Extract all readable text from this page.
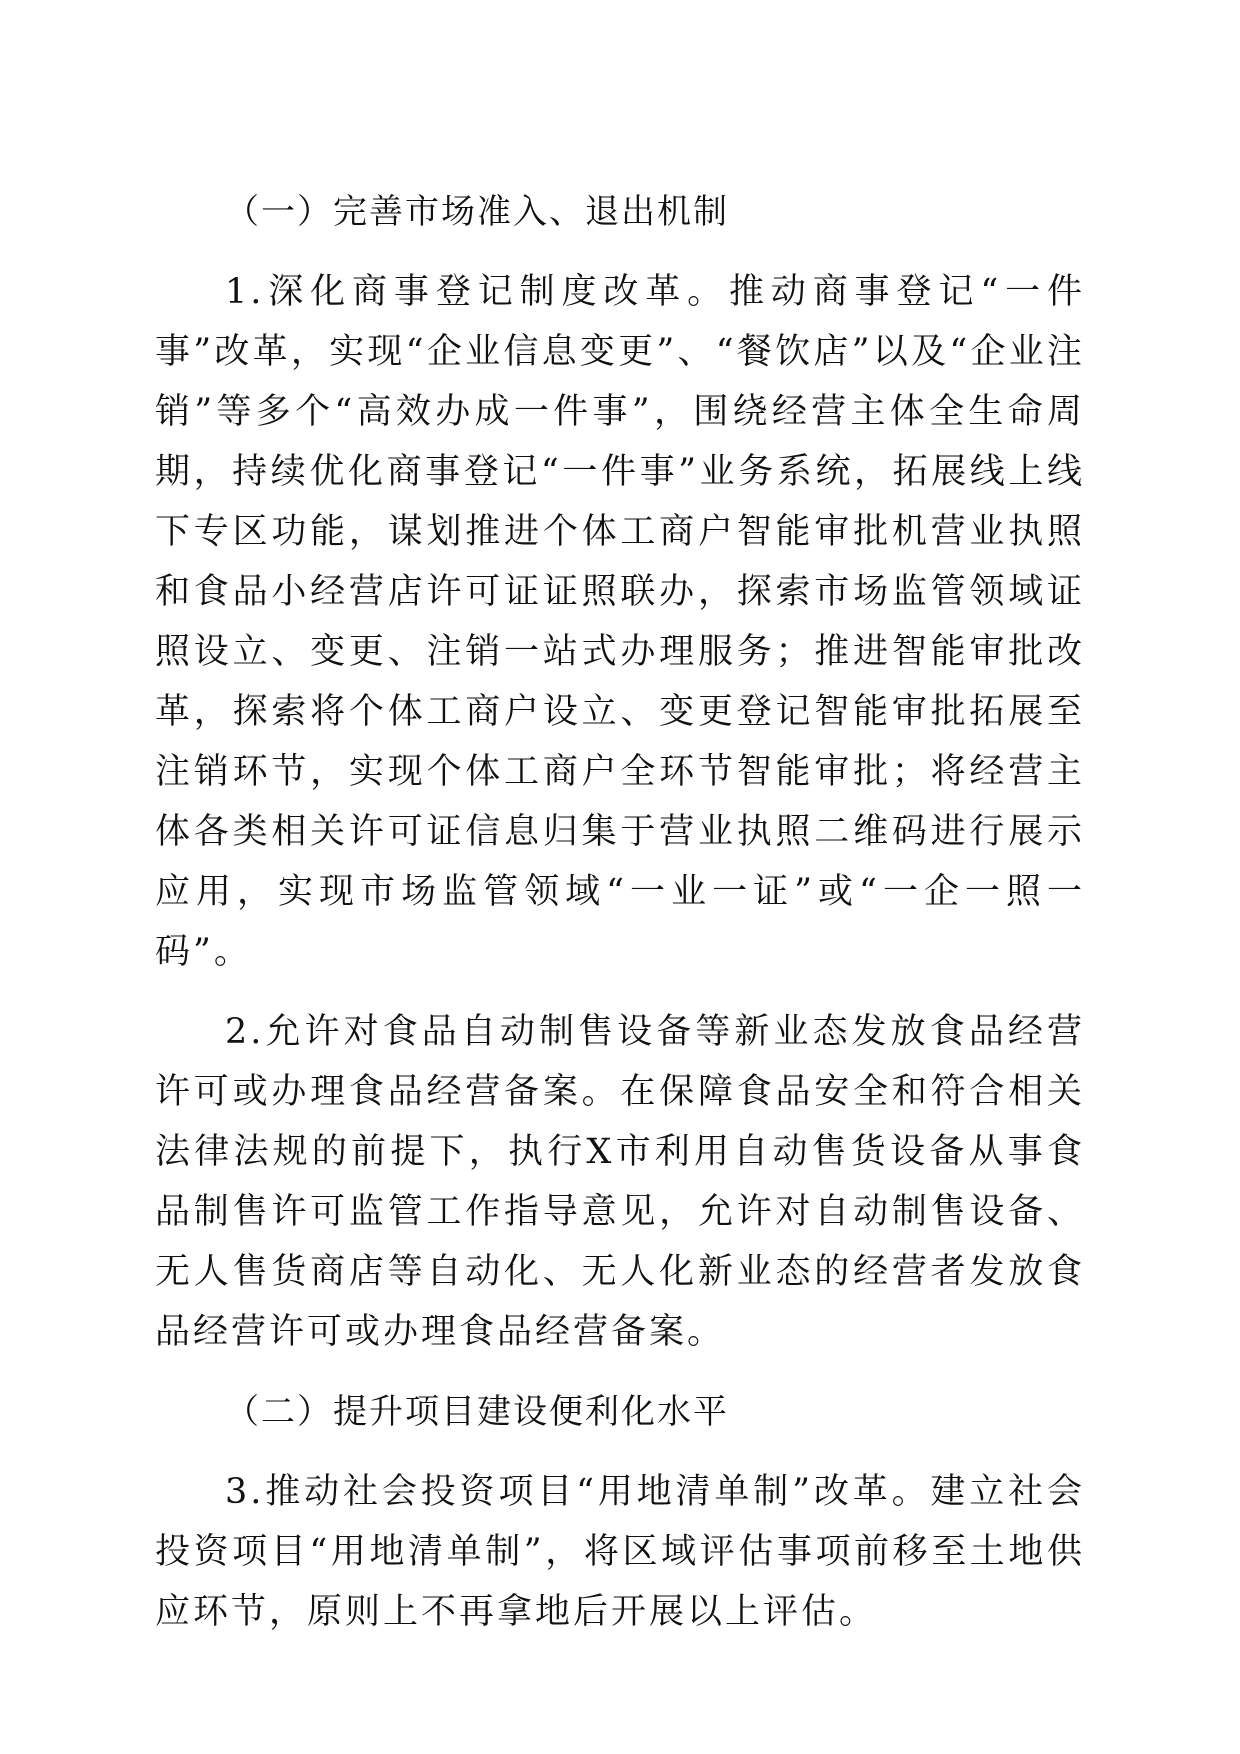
（一）完善市场准入、退出机制

1.深化商事登记制度改革。推动商事登记“一件事”改革，实现“企业信息变更”、“餐饮店”以及“企业注销”等多个“高效办成一件事”，围绕经营主体全生命周期，持续优化商事登记“一件事”业务系统，拓展线上线下专区功能，谋划推进个体工商户智能审批机营业执照和食品小经营店许可证证照联办，探索市场监管领域证照设立、变更、注销一站式办理服务；推进智能审批改革，探索将个体工商户设立、变更登记智能审批拓展至注销环节，实现个体工商户全环节智能审批；将经营主体各类相关许可证信息归集于营业执照二维码进行展示应用，实现市场监管领域“一业一证”或“一企一照一码”。

2.允许对食品自动制售设备等新业态发放食品经营许可或办理食品经营备案。在保障食品安全和符合相关法律法规的前提下，执行X市利用自动售货设备从事食品制售许可监管工作指导意见，允许对自动制售设备、无人售货商店等自动化、无人化新业态的经营者发放食品经营许可或办理食品经营备案。

（二）提升项目建设便利化水平

3.推动社会投资项目“用地清单制”改革。建立社会投资项目“用地清单制”，将区域评估事项前移至土地供应环节，原则上不再拿地后开展以上评估。
